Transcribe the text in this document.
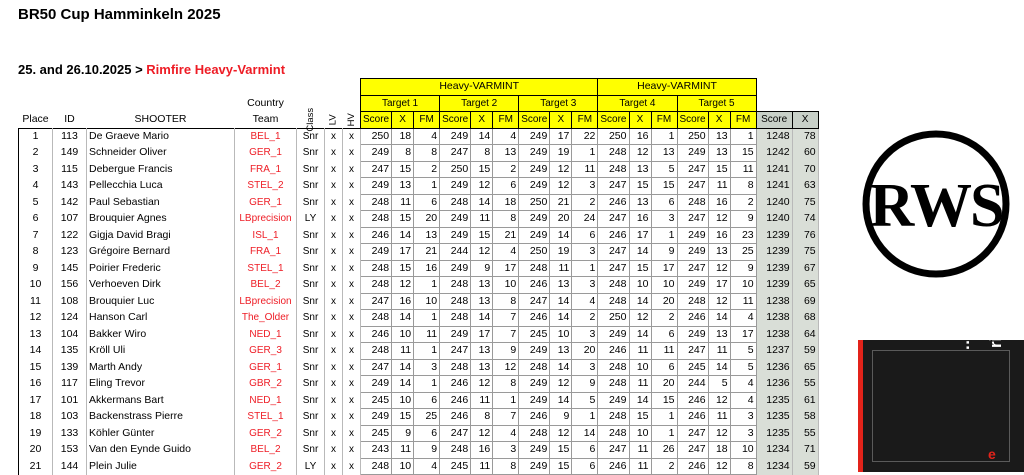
BR50 Cup Hamminkeln 2025
25. and 26.10.2025 > Rimfire Heavy-Varmint
							Heavy-VARMINT									Heavy-VARMINT							
			Country				Target 1			Target 2			Target 3			Target 4			Target 5				
Place	ID	SHOOTER	Team	Class	LV	HV	Score	X	FM	Score	X	FM	Score	X	FM	Score	X	FM	Score	X	FM	Score	X
1	113	De Graeve Mario	BEL_1	Snr	x	x	250	18	4	249	14	4	249	17	22	250	16	1	250	13	1	1248	78
2	149	Schneider Oliver	GER_1	Snr	x	x	249	8	8	247	8	13	249	19	1	248	12	13	249	13	15	1242	60
3	115	Debergue Francis	FRA_1	Snr	x	x	247	15	2	250	15	2	249	12	11	248	13	5	247	15	11	1241	70
4	143	Pellecchia Luca	STEL_2	Snr	x	x	249	13	1	249	12	6	249	12	3	247	15	15	247	11	8	1241	63
5	142	Paul Sebastian	GER_1	Snr	x	x	248	11	6	248	14	18	250	21	2	246	13	6	248	16	2	1240	75
6	107	Brouquier Agnes	LBprecision	LY	x	x	248	15	20	249	11	8	249	20	24	247	16	3	247	12	9	1240	74
7	122	Gigja David Bragi	ISL_1	Snr	x	x	246	14	13	249	15	21	249	14	6	246	17	1	249	16	23	1239	76
8	123	Grégoire Bernard	FRA_1	Snr	x	x	249	17	21	244	12	4	250	19	3	247	14	9	249	13	25	1239	75
9	145	Poirier Frederic	STEL_1	Snr	x	x	248	15	16	249	9	17	248	11	1	247	15	17	247	12	9	1239	67
10	156	Verhoeven Dirk	BEL_2	Snr	x	x	248	12	1	248	13	10	246	13	3	248	10	10	249	17	10	1239	65
11	108	Brouquier Luc	LBprecision	Snr	x	x	247	16	10	248	13	8	247	14	4	248	14	20	248	12	11	1238	69
12	124	Hanson Carl	The_Older	Snr	x	x	248	14	1	248	14	7	246	14	2	250	12	2	246	14	4	1238	68
13	104	Bakker Wiro	NED_1	Snr	x	x	246	10	11	249	17	7	245	10	3	249	14	6	249	13	17	1238	64
14	135	Kröll Uli	GER_3	Snr	x	x	248	11	1	247	13	9	249	13	20	246	11	11	247	11	5	1237	59
15	139	Marth Andy	GER_1	Snr	x	x	247	14	3	248	13	12	248	14	3	248	10	6	245	14	5	1236	65
16	117	Eling Trevor	GBR_2	Snr	x	x	249	14	1	246	12	8	249	12	9	248	11	20	244	5	4	1236	55
17	101	Akkermans Bart	NED_1	Snr	x	x	245	10	6	246	11	1	249	14	5	249	14	15	246	12	4	1235	61
18	103	Backenstrass Pierre	STEL_1	Snr	x	x	249	15	25	246	8	7	246	9	1	248	15	1	246	11	3	1235	58
19	133	Köhler Günter	GER_2	Snr	x	x	245	9	6	247	12	4	248	12	14	248	10	1	247	12	3	1235	55
20	153	Van den Eynde Guido	BEL_2	Snr	x	x	243	11	9	248	16	3	249	15	6	247	11	26	247	18	10	1234	71
21	144	Plein Julie	GER_2	LY	x	x	248	10	4	245	11	8	249	15	6	246	11	2	246	12	8	1234	59
RWS
...FLES rience.
e
